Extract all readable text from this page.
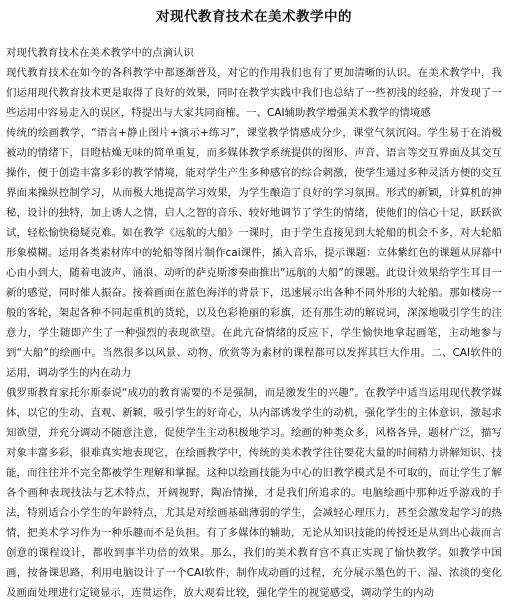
对现代教育技术在美术教学中的

对现代教育技术在美术教学中的点滴认识

现代教育技术在如今的各科教学中都逐渐普及，对它的作用我们也有了更加清晰的认识。在美术教学中，我们运用现代教育技术更是取得了良好的效果，同时在教学实践中我们也总结了一些初浅的经验，并发现了一些运用中容易走入的误区，特提出与大家共同商榷。一、CAI辅助教学增强美术教学的情境感

传统的绘画教学，“语言+静止图片+演示+练习”，课堂教学情感成分少，课堂气氛沉闷。学生易于在消极被动的情绪下，目瞪枯燥无味的简单重复，而多媒体教学系统提供的图形、声音、语言等交互界面及其交互操作，便于创造丰富多彩的教学情境，能对学生产生多种感官的综合刺激，使学生通过多种灵活方便的交互界面来操纵控制学习，从而极大地提高学习效果，为学生酿造了良好的学习氛围。形式的新颖，计算机的神秘，设计的独特，加上诱人之情，启人之智的音乐、较好地调节了学生的情绪，使他们的信心十足，跃跃欲试，轻松愉快稳疑克难。如在教学《远航的大船》一课时，由于学生直接见到大轮船的机会不多，对大轮船形象模糊。运用各类素材库中的轮船等图片制作cai课件，插入音乐，提示课题：立体紫红色的课题从屏幕中心由小到大，随着电波声、涌浪、动听的萨克斯渗奏曲推出“远航的大船”的课题。此设计效果给学生耳目一新的感觉，同时催人振奋。接着画面在蓝色海洋的背景下，迅速展示出各种不同外形的大轮船。那如楼房一般的客轮，架起各种不同起重机的货轮，以及色彩艳丽的彩旗，还有那生动的解说词，深深地吸引学生的注意力，学生随即产生了一种强烈的表现欲望。在此亢奋情绪的反应下，学生愉快地拿起画笔，主动地参与到“大船”的绘画中。当然很多以风景、动物、欣赏等为素材的课程都可以发挥其巨大作用。二、CAI软件的运用，调动学生的内在动力

俄罗斯教育家托尔斯泰说“成功的教育需要的不是强制，而是激发生的兴趣”。在教学中适当运用现代教学媒体，以它的生动、直观、新颖，吸引学生的好奇心，从内部诱发学生的动机，强化学生的主体意识，激起求知欲望，并充分调动不随意注意，促使学生主动积极地学习。绘画的种类众多，风格各异，题材广泛，描写对象丰富多彩，很难真实地表现它，在绘画教学中，传统的美术教学往往要花大量的时间精力讲解知识、技能，而往往并不完全都被学生理解和掌握。这种以绘画技能为中心的旧教学模式是不可取的，而让学生了解各个画种表现技法与艺术特点，开阔视野，陶冶情操，才是我们所追求的。电脑绘画中那种近乎游戏的手法，特别适合小学生的年龄特点，尤其是对绘画基础薄弱的学生，会减轻心理压力，甚至会激发起学习的热情，把美术学习作为一种乐趣而不是负担。有了多媒体的辅助，无论从知识技能的传授还是从到出心裁而言创意的课程设计，都收到事半功倍的效果。那么，我们的美术教育宫不真正实现了愉快教学。如教学中国画，按备课思路，利用电脑设计了一个CAI软件，制作成动画的过程，充分展示墨色的干、湿、浓淡的变化及画面处理进行定镜显示，连贯运作，放大观看比较，强化学生的视觉感受，调动学生的内动
